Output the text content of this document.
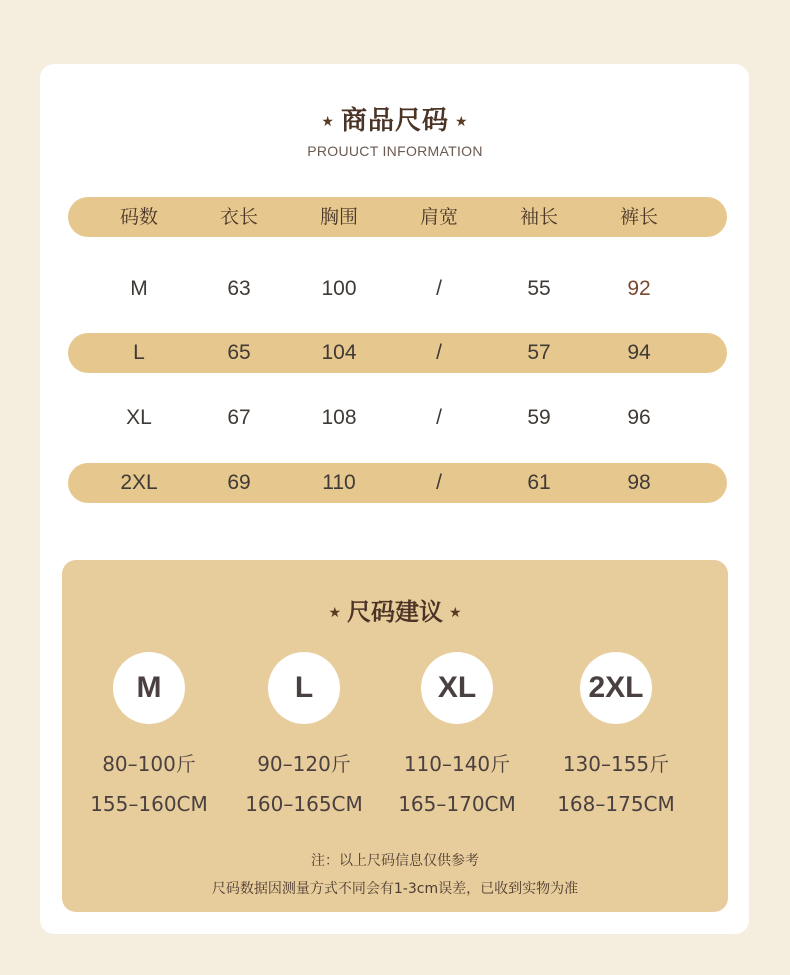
★ 商品尺码 ★
PROUUCT INFORMATION
码数	衣长	胸围	肩宽	袖长	裤长
M	63	100	/	55	92
L	65	104	/	57	94
XL	67	108	/	59	96
2XL	69	110	/	61	98
★ 尺码建议 ★
M	L	XL	2XL
80–100斤	90–120斤	110–140斤	130–155斤
155–160CM	160–165CM	165–170CM	168–175CM
注：以上尺码信息仅供参考
尺码数据因测量方式不同会有1-3cm误差，已收到实物为准
